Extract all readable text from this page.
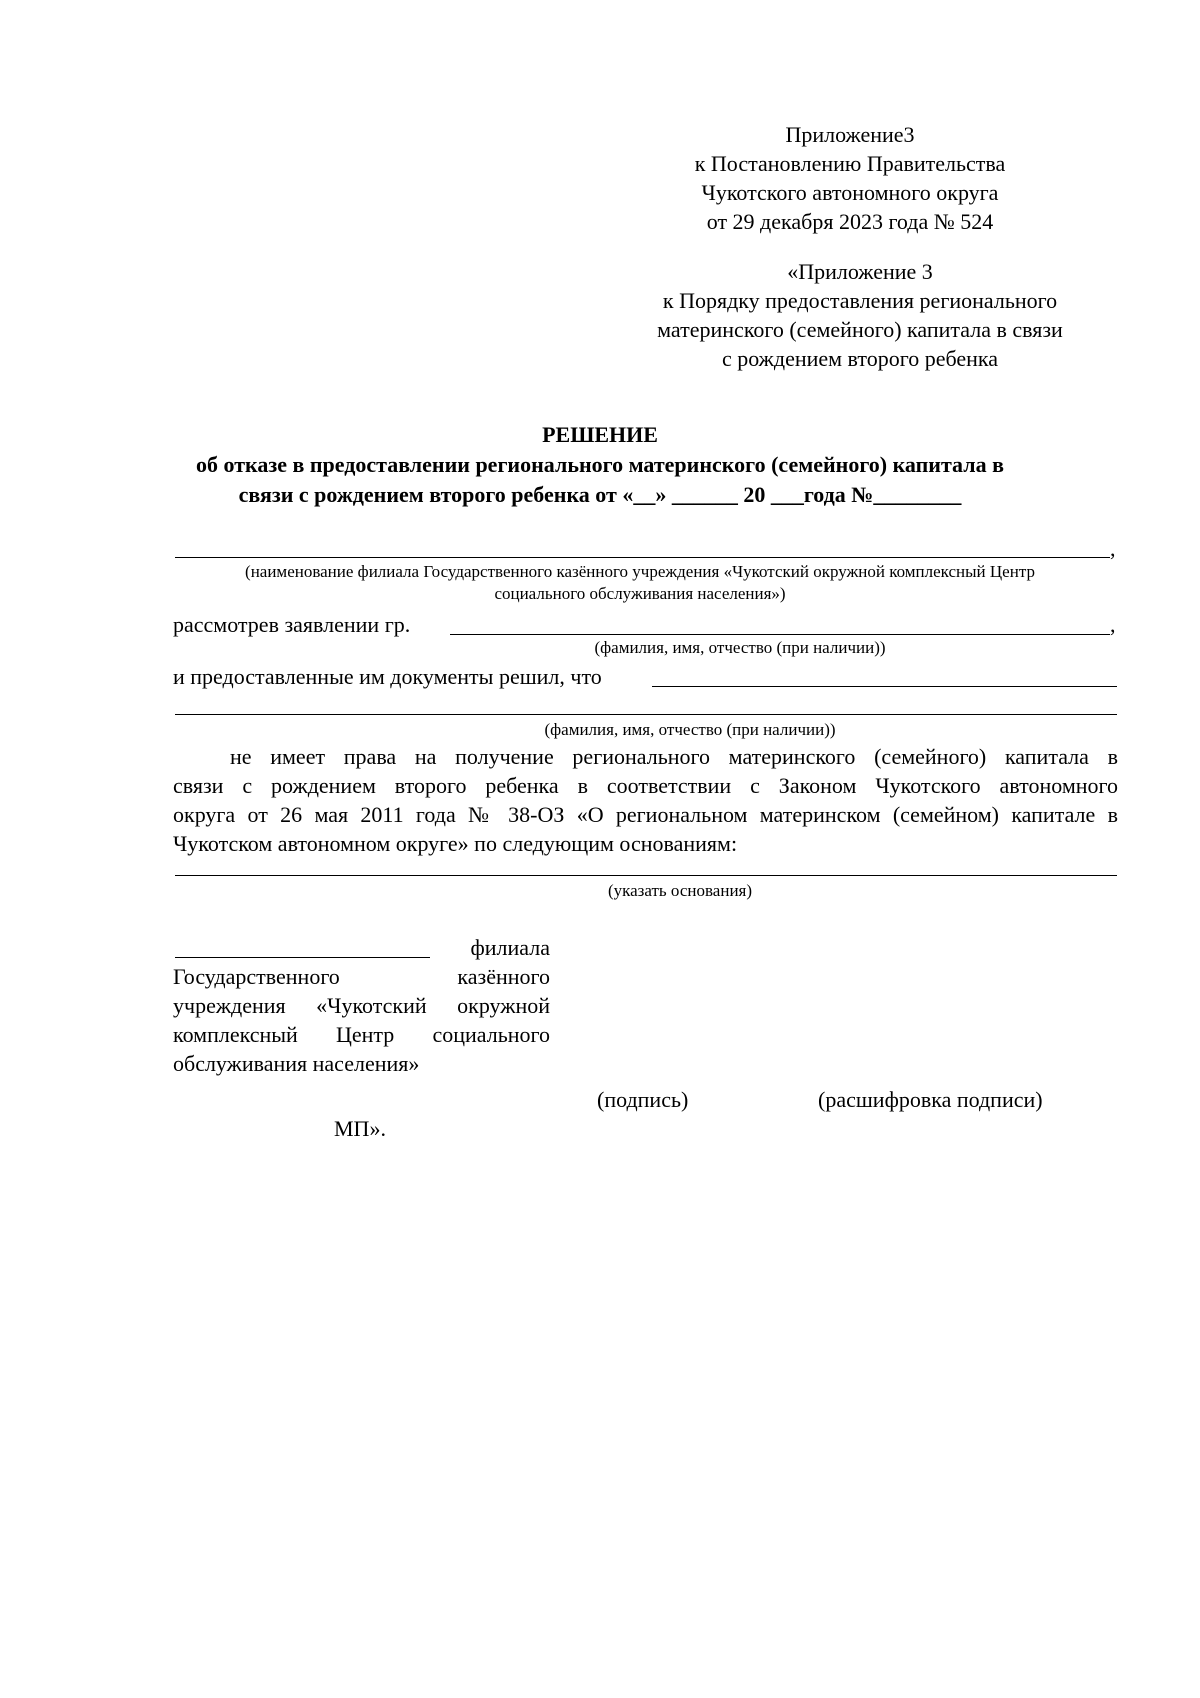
Приложение3
к Постановлению Правительства
Чукотского автономного округа
от 29 декабря 2023 года № 524
«Приложение 3
к Порядку предоставления регионального
материнского (семейного) капитала в связи
с рождением второго ребенка
РЕШЕНИЕ
об отказе в предоставлении регионального материнского (семейного) капитала в
связи с рождением второго ребенка от «__» ______ 20 ___года №________
,
(наименование филиала Государственного казённого учреждения «Чукотский окружной комплексный Центр
социального обслуживания населения»)
рассмотрев заявлении гр.	,
(фамилия, имя, отчество (при наличии))
и предоставленные им документы решил, что
(фамилия, имя, отчество (при наличии))
не имеет права на получение регионального материнского (семейного) капитала в
связи с рождением второго ребенка в соответствии с Законом Чукотского автономного
округа от 26 мая 2011 года № 38-ОЗ «О региональном материнском (семейном) капитале в
Чукотском автономном округе» по следующим основаниям:
(указать основания)
филиала
Государственного казённого
учреждения «Чукотский окружной
комплексный Центр социального
обслуживания населения»
(подпись)	(расшифровка подписи)
МП».
